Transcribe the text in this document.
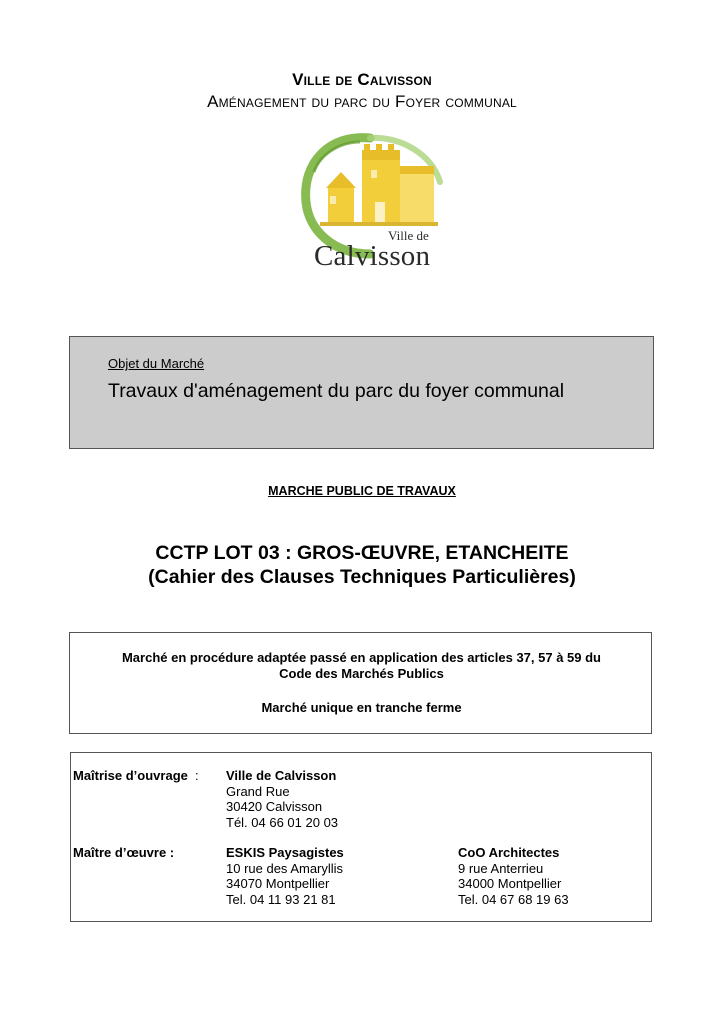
Ville de Calvisson
Aménagement du parc du Foyer communal
Ville de
Calvisson
Objet du Marché
Travaux d'aménagement du parc du foyer communal
MARCHE PUBLIC DE TRAVAUX
CCTP LOT 03 : GROS-ŒUVRE, ETANCHEITE
(Cahier des Clauses Techniques Particulières)
Marché en procédure adaptée passé en application des articles 37, 57 à 59 du
Code des Marchés Publics
Marché unique en tranche ferme
Maîtrise d’ouvrage : Ville de Calvisson
Grand Rue
30420 Calvisson
Tél. 04 66 01 20 03
Maître d’œuvre :	ESKIS Paysagistes
10 rue des Amaryllis
34070 Montpellier
Tel. 04 11 93 21 81
CoO Architectes
9 rue Anterrieu
34000 Montpellier
Tel. 04 67 68 19 63
